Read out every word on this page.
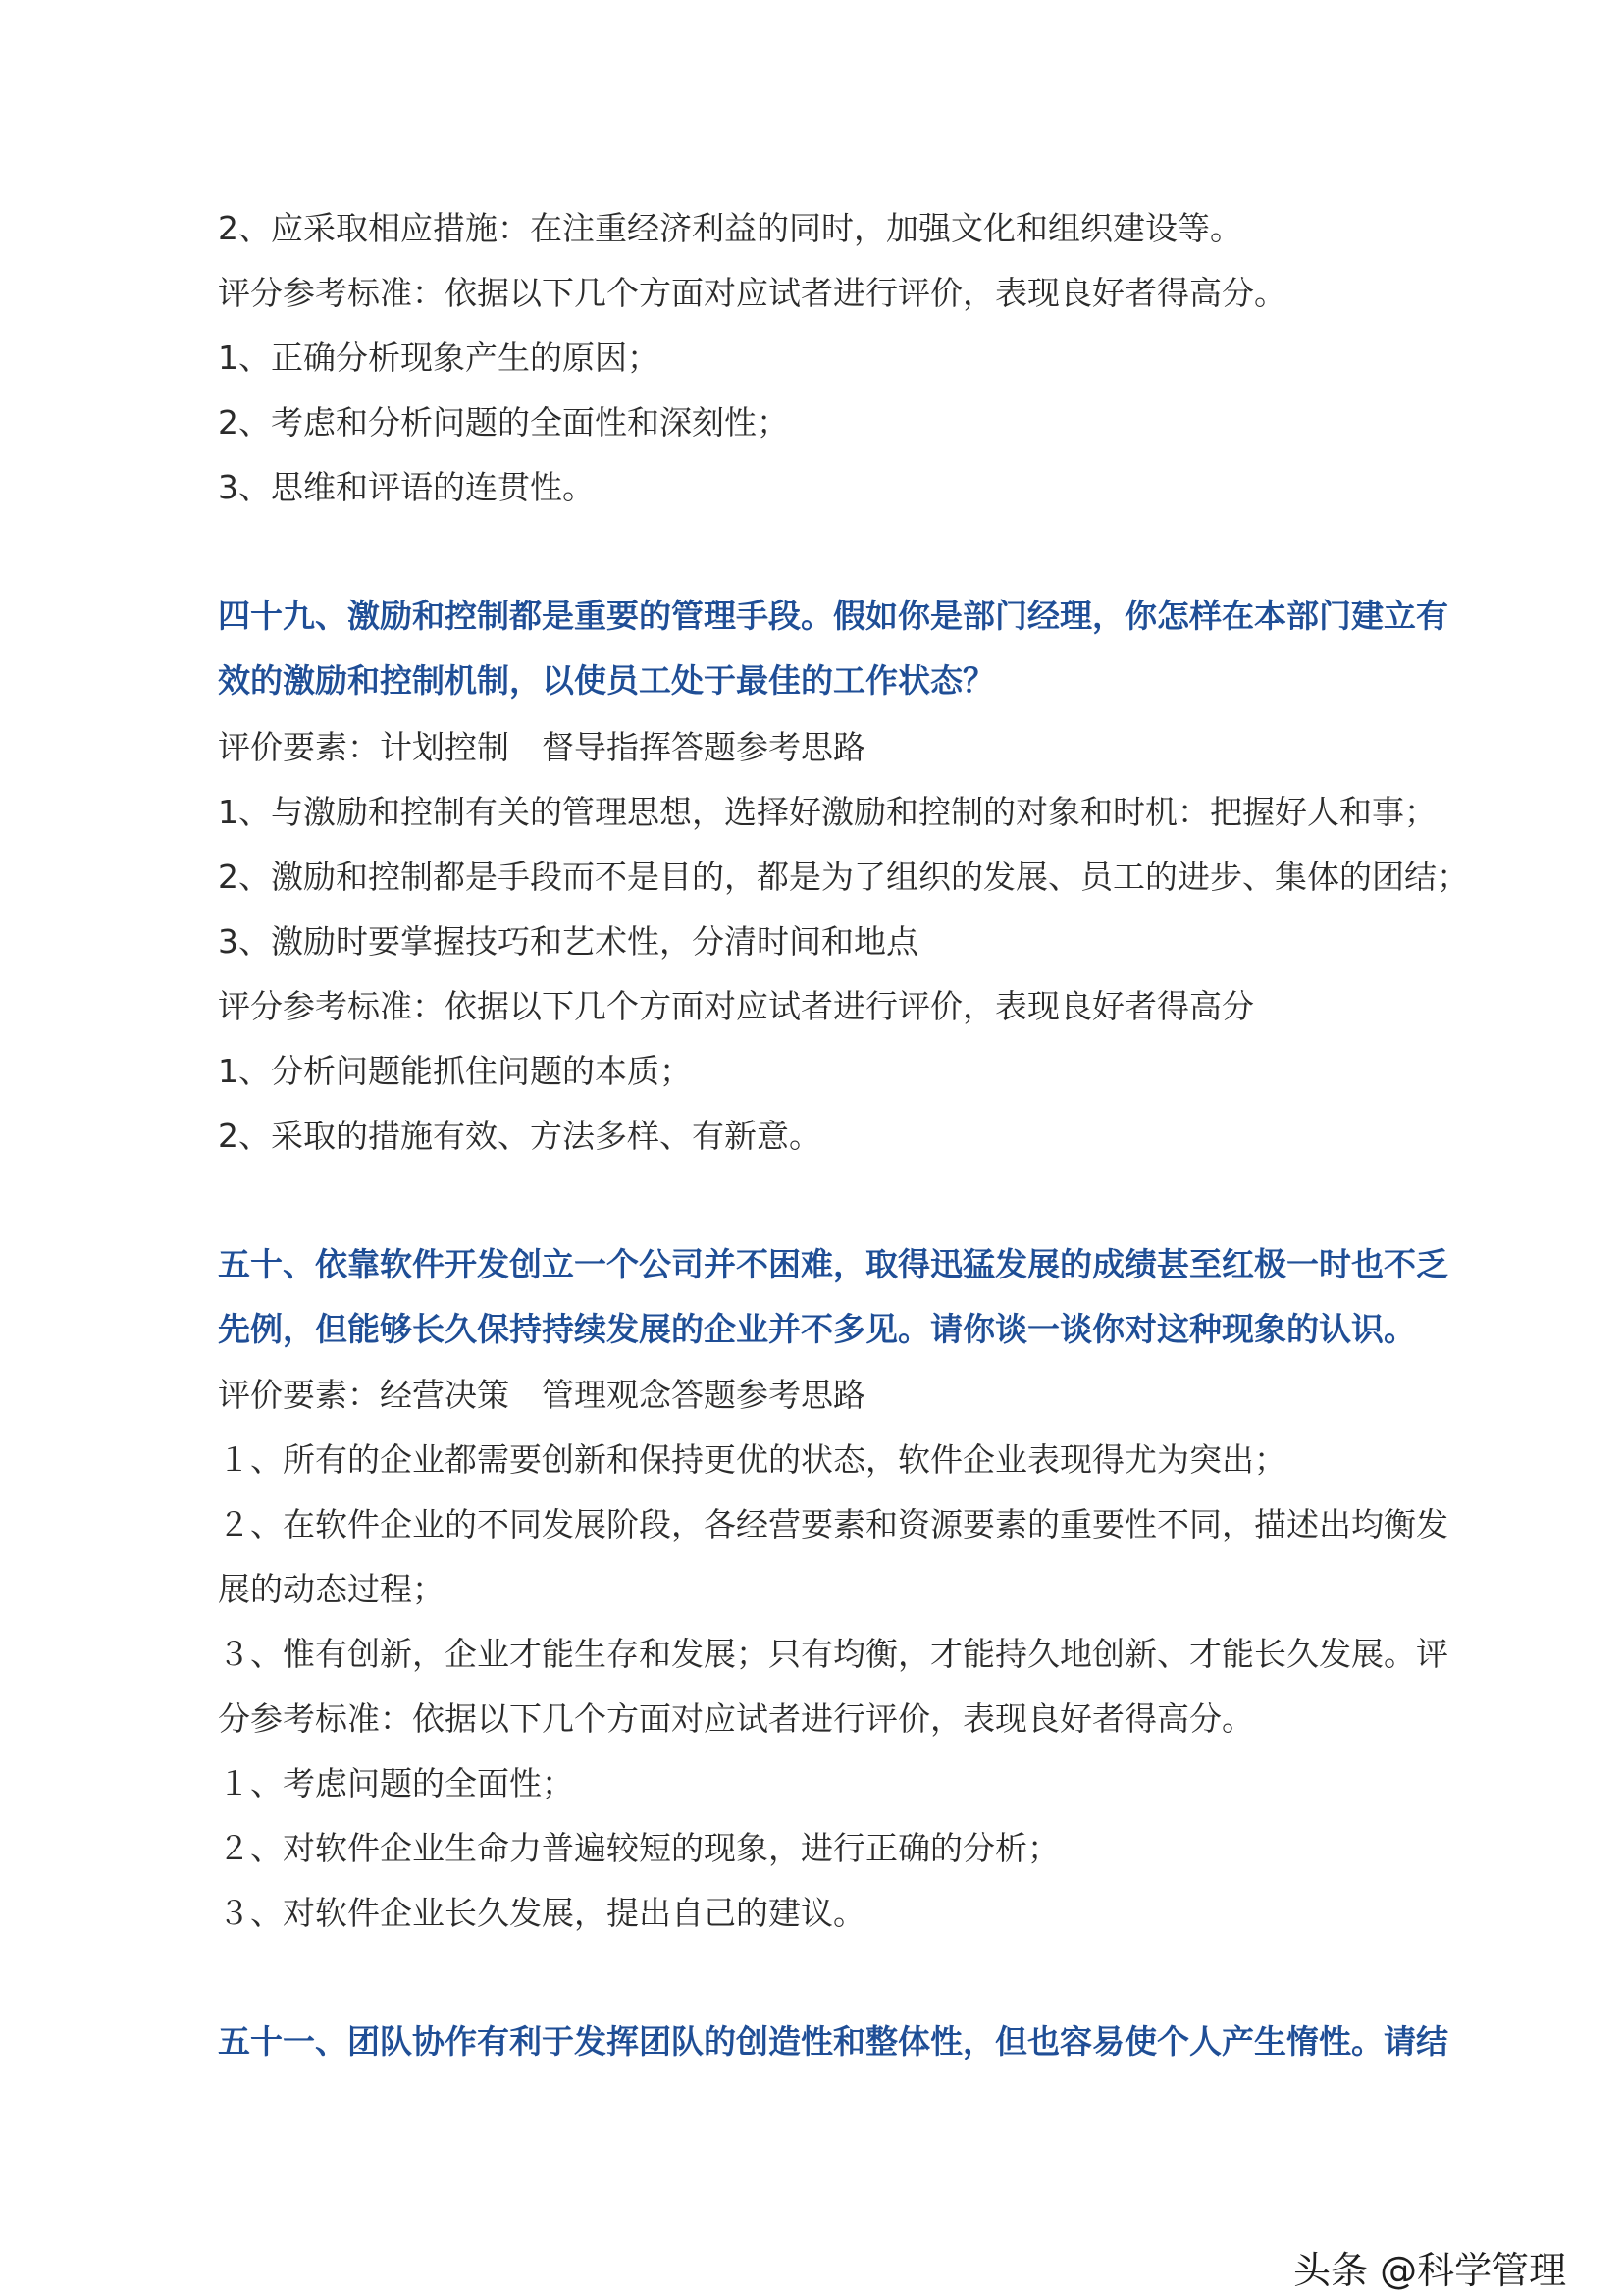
2、应采取相应措施：在注重经济利益的同时，加强文化和组织建设等。
评分参考标准：依据以下几个方面对应试者进行评价，表现良好者得高分。
1、正确分析现象产生的原因；
2、考虑和分析问题的全面性和深刻性；
3、思维和评语的连贯性。
四十九、激励和控制都是重要的管理手段。假如你是部门经理，你怎样在本部门建立有
效的激励和控制机制，以使员工处于最佳的工作状态？
评价要素：计划控制　督导指挥答题参考思路
1、与激励和控制有关的管理思想，选择好激励和控制的对象和时机：把握好人和事；
2、激励和控制都是手段而不是目的，都是为了组织的发展、员工的进步、集体的团结；
3、激励时要掌握技巧和艺术性，分清时间和地点
评分参考标准：依据以下几个方面对应试者进行评价，表现良好者得高分
1、分析问题能抓住问题的本质；
2、采取的措施有效、方法多样、有新意。
五十、依靠软件开发创立一个公司并不困难，取得迅猛发展的成绩甚至红极一时也不乏
先例，但能够长久保持持续发展的企业并不多见。请你谈一谈你对这种现象的认识。
评价要素：经营决策　管理观念答题参考思路
１、所有的企业都需要创新和保持更优的状态，软件企业表现得尤为突出；
２、在软件企业的不同发展阶段，各经营要素和资源要素的重要性不同，描述出均衡发
展的动态过程；
３、惟有创新，企业才能生存和发展；只有均衡，才能持久地创新、才能长久发展。评
分参考标准：依据以下几个方面对应试者进行评价，表现良好者得高分。
１、考虑问题的全面性；
２、对软件企业生命力普遍较短的现象，进行正确的分析；
３、对软件企业长久发展，提出自己的建议。
五十一、团队协作有利于发挥团队的创造性和整体性，但也容易使个人产生惰性。请结
头条 @科学管理
